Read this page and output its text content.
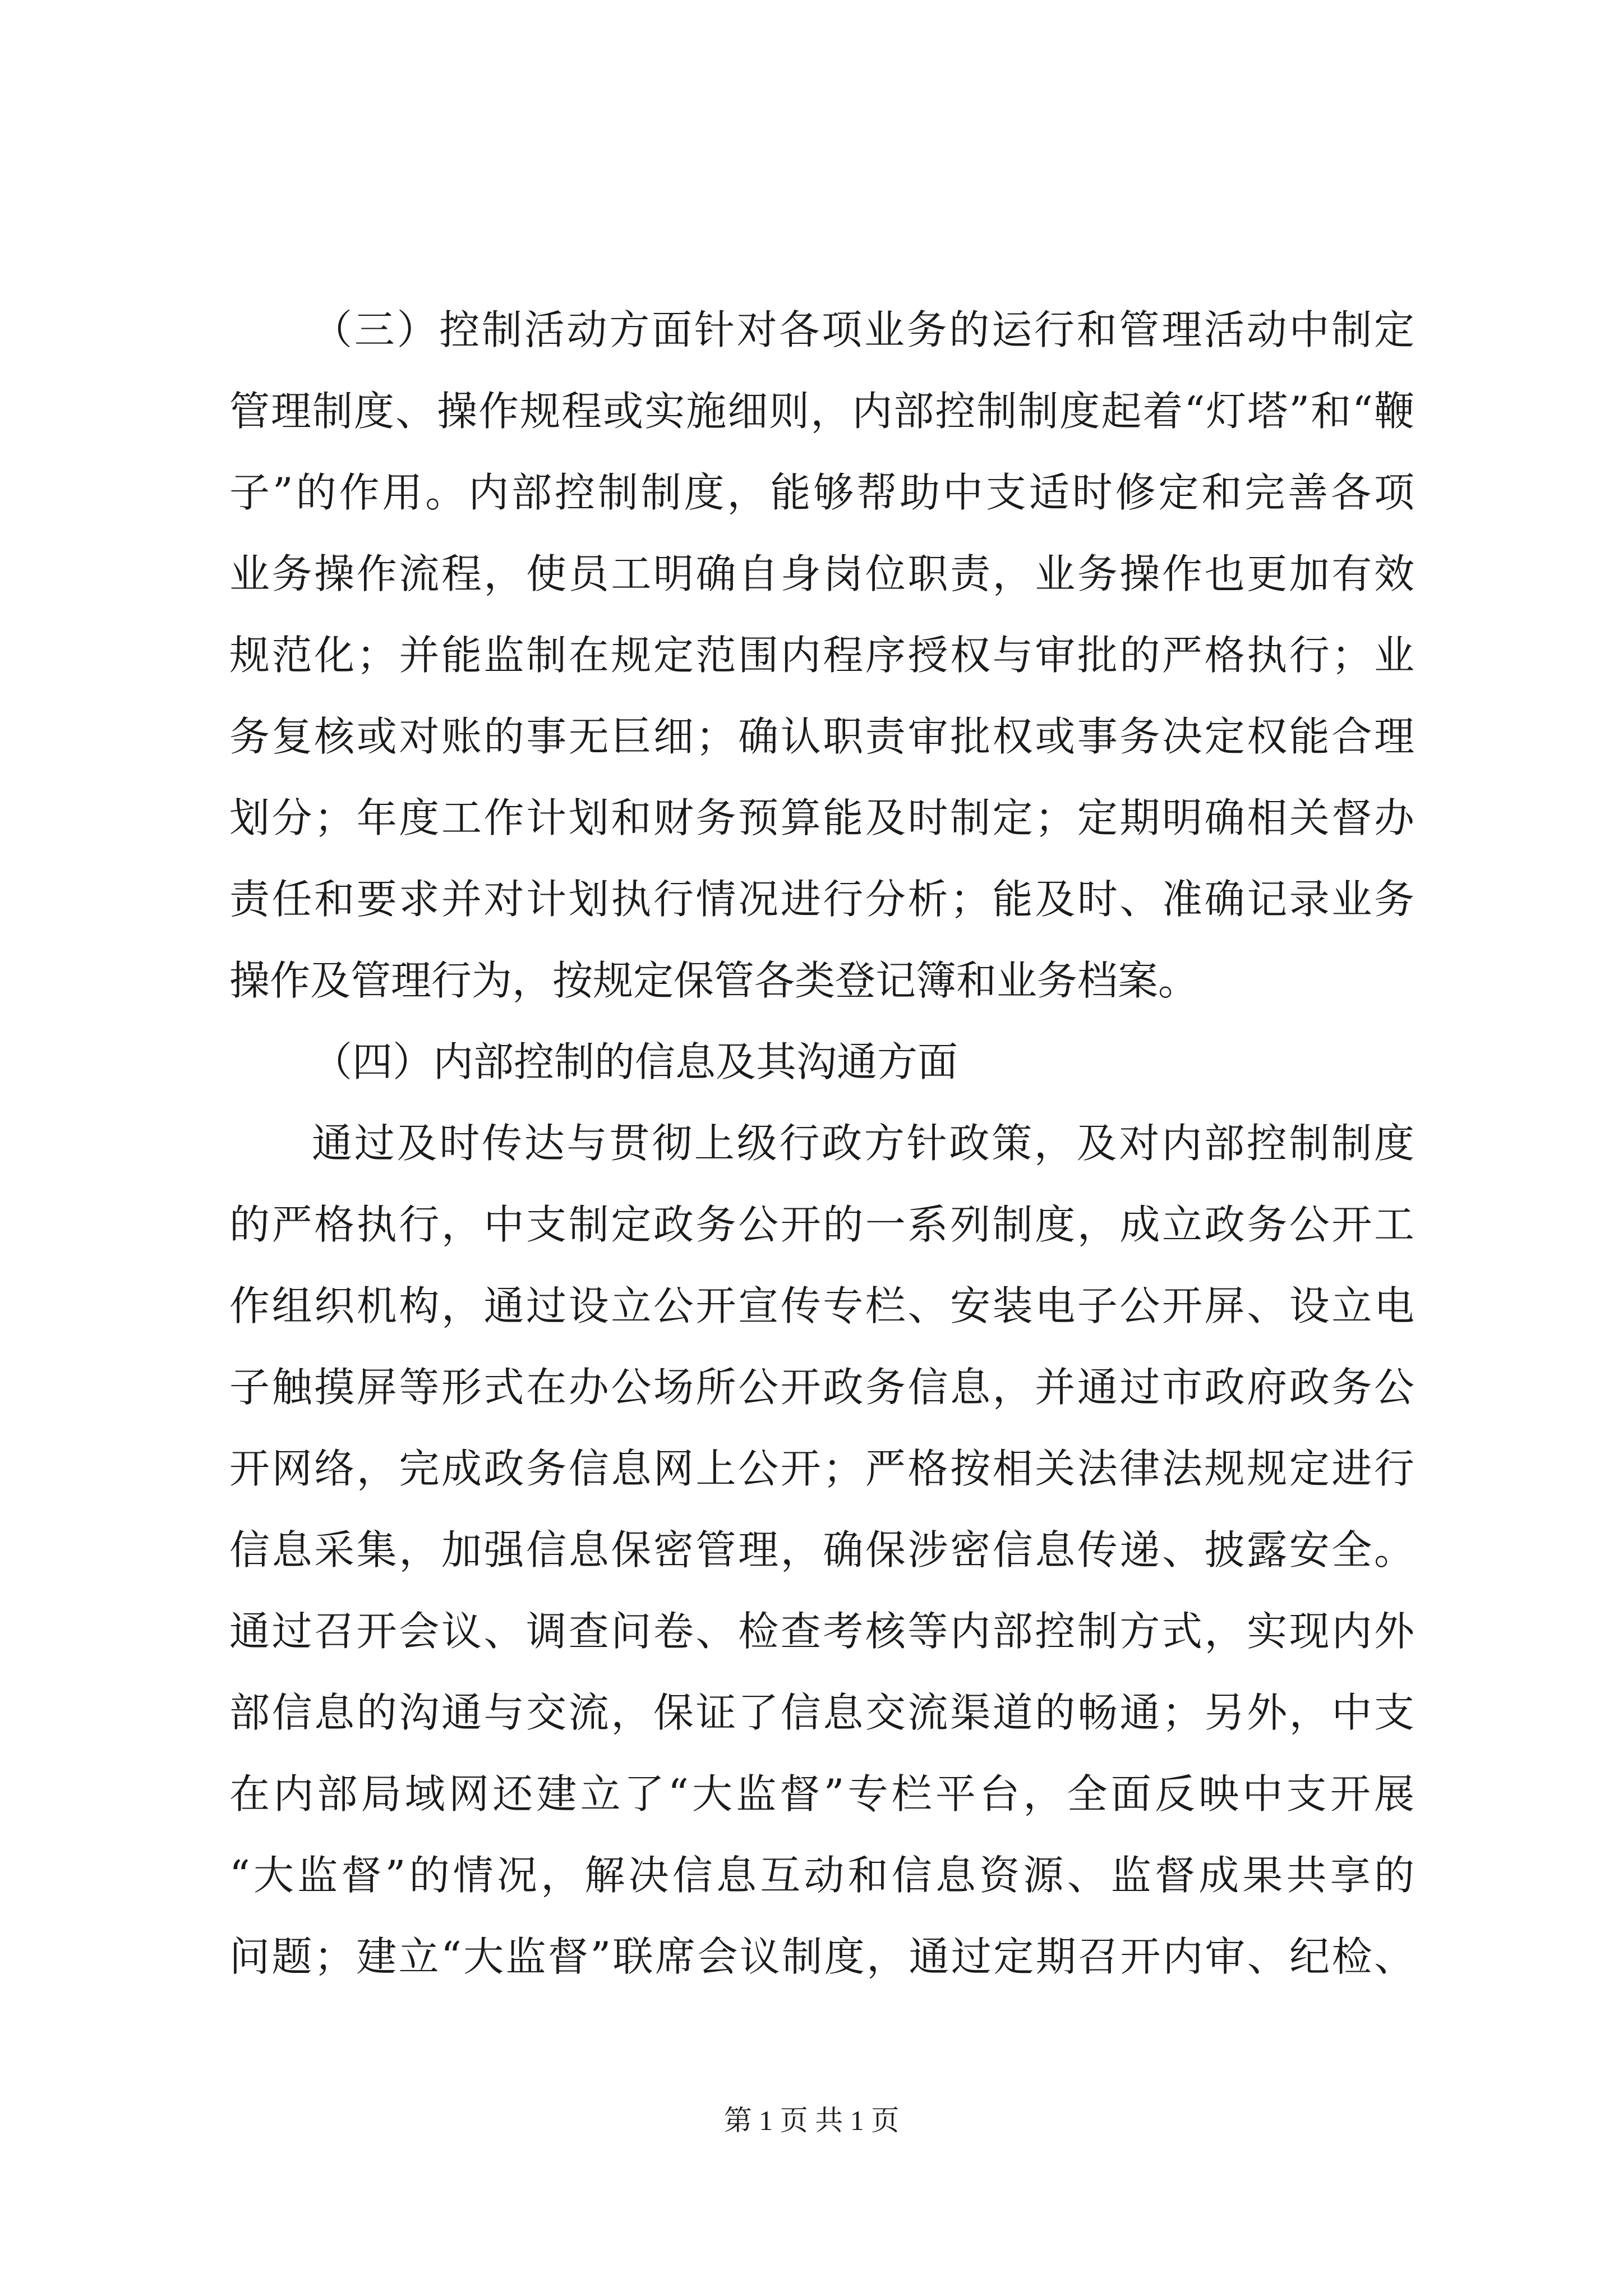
（三）控制活动方面针对各项业务的运行和管理活动中制定
管理制度、操作规程或实施细则，内部控制制度起着“灯塔”和“鞭
子”的作用。内部控制制度，能够帮助中支适时修定和完善各项
业务操作流程，使员工明确自身岗位职责，业务操作也更加有效
规范化；并能监制在规定范围内程序授权与审批的严格执行；业
务复核或对账的事无巨细；确认职责审批权或事务决定权能合理
划分；年度工作计划和财务预算能及时制定；定期明确相关督办
责任和要求并对计划执行情况进行分析；能及时、准确记录业务
操作及管理行为，按规定保管各类登记簿和业务档案。
（四）内部控制的信息及其沟通方面
通过及时传达与贯彻上级行政方针政策，及对内部控制制度
的严格执行，中支制定政务公开的一系列制度，成立政务公开工
作组织机构，通过设立公开宣传专栏、安装电子公开屏、设立电
子触摸屏等形式在办公场所公开政务信息，并通过市政府政务公
开网络，完成政务信息网上公开；严格按相关法律法规规定进行
信息采集，加强信息保密管理，确保涉密信息传递、披露安全。
通过召开会议、调查问卷、检查考核等内部控制方式，实现内外
部信息的沟通与交流，保证了信息交流渠道的畅通；另外，中支
在内部局域网还建立了“大监督”专栏平台，全面反映中支开展
“大监督”的情况，解决信息互动和信息资源、监督成果共享的
问题；建立“大监督”联席会议制度，通过定期召开内审、纪检、
第 1 页 共 1 页
